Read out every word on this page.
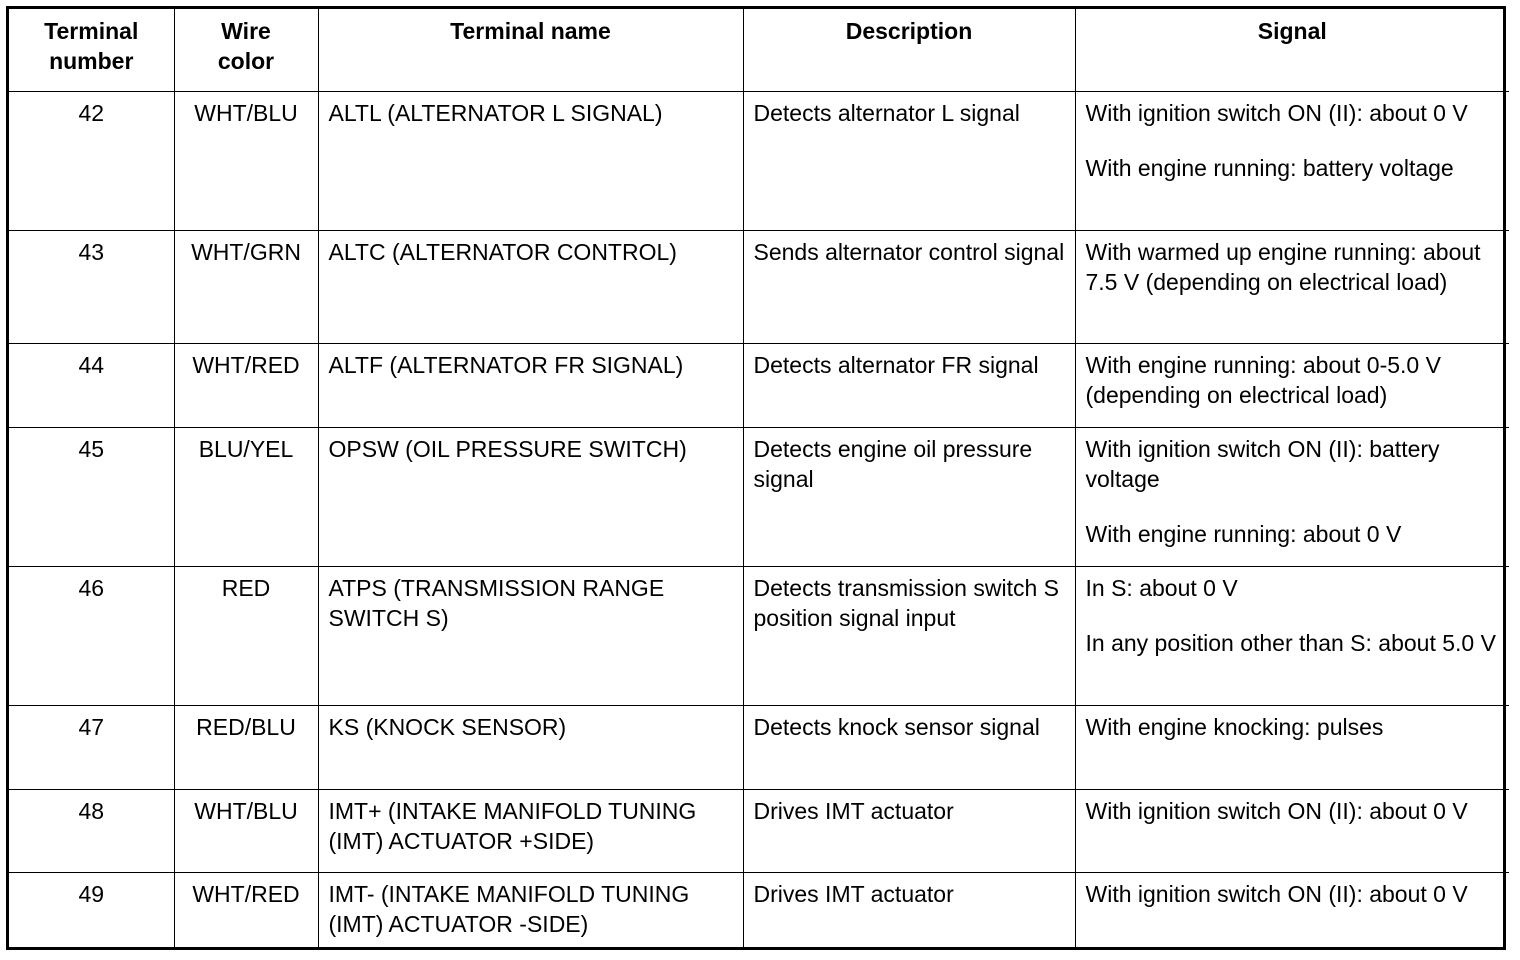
Terminal number	Wire color	Terminal name	Description	Signal
42	WHT/BLU	ALTL (ALTERNATOR L SIGNAL)	Detects alternator L signal	With ignition switch ON (II): about 0 V

With engine running: battery voltage

43	WHT/GRN	ALTC (ALTERNATOR CONTROL)	Sends alternator control signal	With warmed up engine running: about 7.5 V (depending on electrical load)

44	WHT/RED	ALTF (ALTERNATOR FR SIGNAL)	Detects alternator FR signal	With engine running: about 0-5.0 V (depending on electrical load)

45	BLU/YEL	OPSW (OIL PRESSURE SWITCH)	Detects engine oil pressure signal	With ignition switch ON (II): battery voltage

With engine running: about 0 V

46	RED	ATPS (TRANSMISSION RANGE SWITCH S)	Detects transmission switch S position signal input	In S: about 0 V

In any position other than S: about 5.0 V

47	RED/BLU	KS (KNOCK SENSOR)	Detects knock sensor signal	With engine knocking: pulses

48	WHT/BLU	IMT+ (INTAKE MANIFOLD TUNING (IMT) ACTUATOR +SIDE)	Drives IMT actuator	With ignition switch ON (II): about 0 V

49	WHT/RED	IMT- (INTAKE MANIFOLD TUNING (IMT) ACTUATOR -SIDE)	Drives IMT actuator	With ignition switch ON (II): about 0 V
